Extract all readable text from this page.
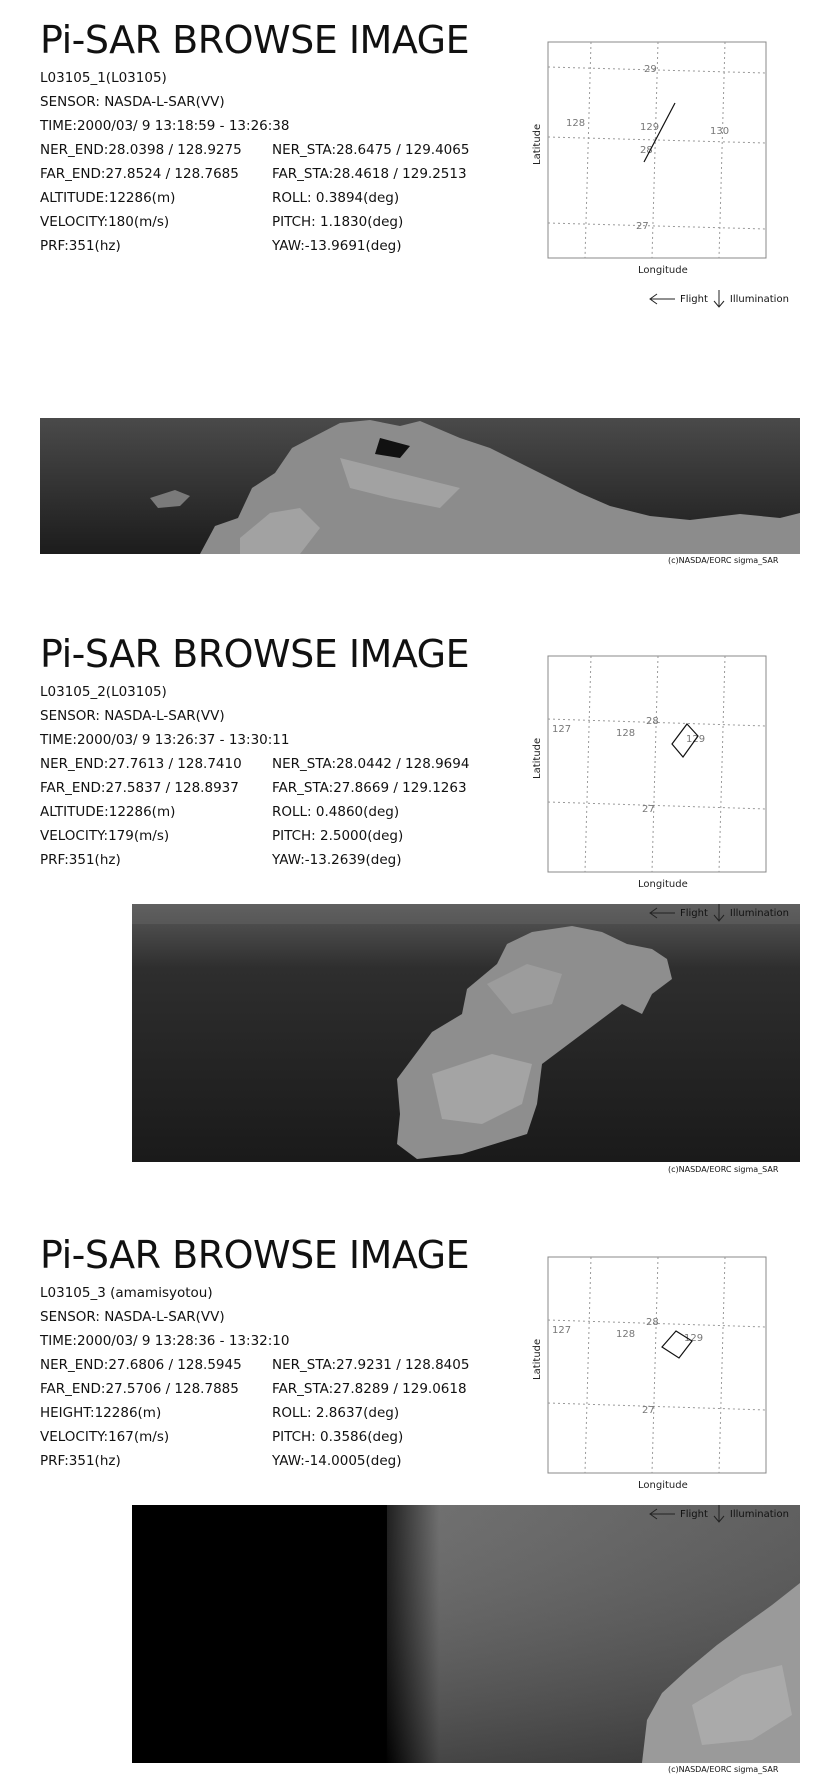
Pi-SAR BROWSE IMAGE
L03105_1(L03105)
SENSOR: NASDA-L-SAR(VV)
TIME:2000/03/ 9 13:18:59 - 13:26:38
NER_END:28.0398 / 128.9275	NER_STA:28.6475 / 129.4065
FAR_END:27.8524 / 128.7685	FAR_STA:28.4618 / 129.2513
ALTITUDE:12286(m)	ROLL: 0.3894(deg)
VELOCITY:180(m/s)	PITCH: 1.1830(deg)
PRF:351(hz)	YAW:-13.9691(deg)
29
128	129	130
28
27
Longitude
Latitude
Flight Illumination
(c)NASDA/EORC sigma_SAR
Pi-SAR BROWSE IMAGE
L03105_2(L03105)
SENSOR: NASDA-L-SAR(VV)
TIME:2000/03/ 9 13:26:37 - 13:30:11
NER_END:27.7613 / 128.7410	NER_STA:28.0442 / 128.9694
FAR_END:27.5837 / 128.8937	FAR_STA:27.8669 / 129.1263
ALTITUDE:12286(m)	ROLL: 0.4860(deg)
VELOCITY:179(m/s)	PITCH: 2.5000(deg)
PRF:351(hz)	YAW:-13.2639(deg)
127	128
28
129
27
Longitude
Latitude
Flight Illumination
(c)NASDA/EORC sigma_SAR
Pi-SAR BROWSE IMAGE
L03105_3 (amamisyotou)
SENSOR: NASDA-L-SAR(VV)
TIME:2000/03/ 9 13:28:36 - 13:32:10
NER_END:27.6806 / 128.5945	NER_STA:27.9231 / 128.8405
FAR_END:27.5706 / 128.7885	FAR_STA:27.8289 / 129.0618
HEIGHT:12286(m)	ROLL: 2.8637(deg)
VELOCITY:167(m/s)	PITCH: 0.3586(deg)
PRF:351(hz)	YAW:-14.0005(deg)
127	128
28
129
27
Longitude
Latitude
Flight Illumination
(c)NASDA/EORC sigma_SAR
